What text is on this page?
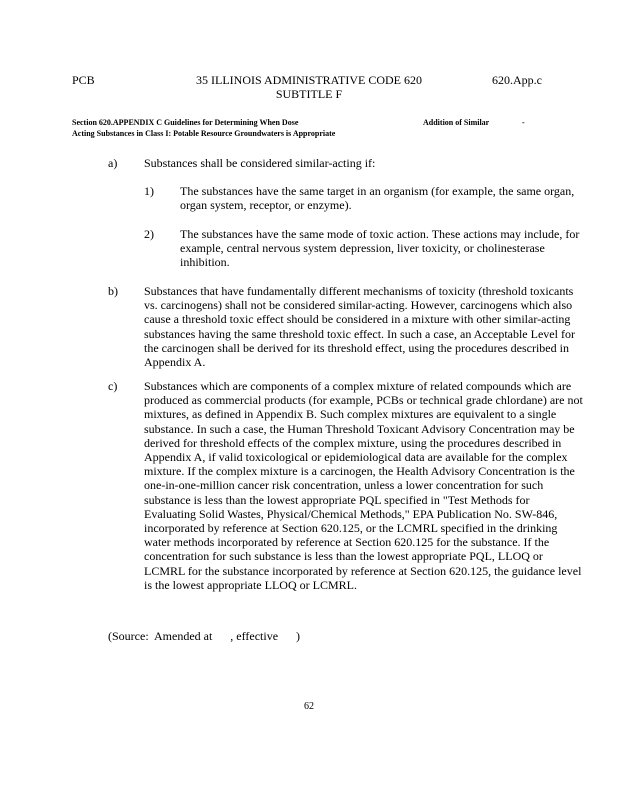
PCB	35 ILLINOIS ADMINISTRATIVE CODE 620
SUBTITLE F
620.App.c
Section 620.APPENDIX C Guidelines for Determining When Dose	Addition of Similar	-
Acting Substances in Class I: Potable Resource Groundwaters is Appropriate
a) Substances shall be considered similar-acting if:
1) The substances have the same target in an organism (for example, the same organ, organ system, receptor, or enzyme).
2) The substances have the same mode of toxic action. These actions may include, for example, central nervous system depression, liver toxicity, or cholinesterase inhibition.
b) Substances that have fundamentally different mechanisms of toxicity (threshold toxicants vs. carcinogens) shall not be considered similar-acting. However, carcinogens which also cause a threshold toxic effect should be considered in a mixture with other similar-acting substances having the same threshold toxic effect. In such a case, an Acceptable Level for the carcinogen shall be derived for its threshold effect, using the procedures described in Appendix A.
c) Substances which are components of a complex mixture of related compounds which are produced as commercial products (for example, PCBs or technical grade chlordane) are not mixtures, as defined in Appendix B. Such complex mixtures are equivalent to a single substance. In such a case, the Human Threshold Toxicant Advisory Concentration may be derived for threshold effects of the complex mixture, using the procedures described in Appendix A, if valid toxicological or epidemiological data are available for the complex mixture. If the complex mixture is a carcinogen, the Health Advisory Concentration is the one-in-one-million cancer risk concentration, unless a lower concentration for such substance is less than the lowest appropriate PQL specified in "Test Methods for Evaluating Solid Wastes, Physical/Chemical Methods," EPA Publication No. SW-846, incorporated by reference at Section 620.125, or the LCMRL specified in the drinking water methods incorporated by reference at Section 620.125 for the substance. If the concentration for such substance is less than the lowest appropriate PQL, LLOQ or LCMRL for the substance incorporated by reference at Section 620.125, the guidance level is the lowest appropriate LLOQ or LCMRL.
(Source:  Amended at      , effective      )
62
